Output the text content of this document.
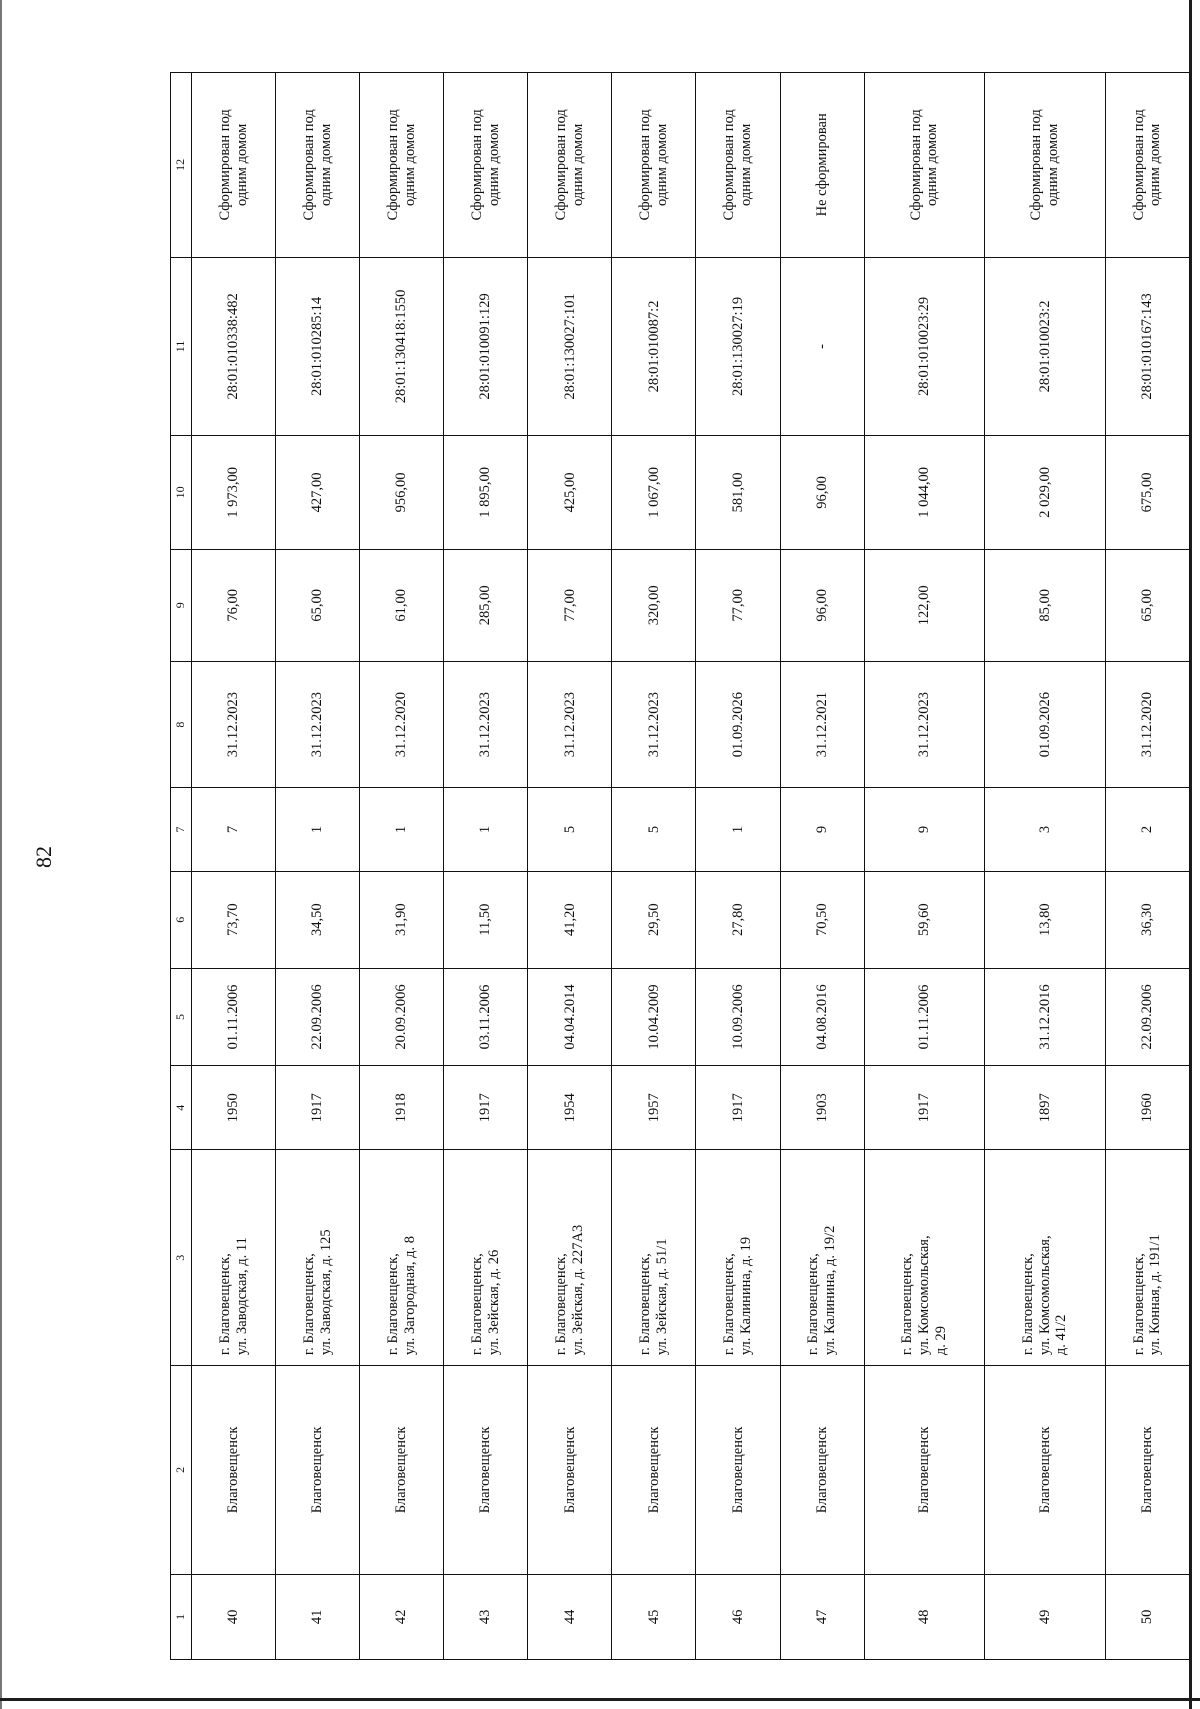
82
1	2	3	4	5	6	7	8	9	10	11	12
40	Благовещенск	г. Благовещенск,
ул. Заводская, д. 11	1950	01.11.2006	73,70	7	31.12.2023	76,00	1 973,00	28:01:010338:482	Сформирован под
одним домом
41	Благовещенск	г. Благовещенск,
ул. Заводская, д. 125	1917	22.09.2006	34,50	1	31.12.2023	65,00	427,00	28:01:010285:14	Сформирован под
одним домом
42	Благовещенск	г. Благовещенск,
ул. Загородная, д. 8	1918	20.09.2006	31,90	1	31.12.2020	61,00	956,00	28:01:130418:1550	Сформирован под
одним домом
43	Благовещенск	г. Благовещенск,
ул. Зейская, д. 26	1917	03.11.2006	11,50	1	31.12.2023	285,00	1 895,00	28:01:010091:129	Сформирован под
одним домом
44	Благовещенск	г. Благовещенск,
ул. Зейская, д. 227А3	1954	04.04.2014	41,20	5	31.12.2023	77,00	425,00	28:01:130027:101	Сформирован под
одним домом
45	Благовещенск	г. Благовещенск,
ул. Зейская, д. 51/1	1957	10.04.2009	29,50	5	31.12.2023	320,00	1 067,00	28:01:010087:2	Сформирован под
одним домом
46	Благовещенск	г. Благовещенск,
ул. Калинина, д. 19	1917	10.09.2006	27,80	1	01.09.2026	77,00	581,00	28:01:130027:19	Сформирован под
одним домом
47	Благовещенск	г. Благовещенск,
ул. Калинина, д. 19/2	1903	04.08.2016	70,50	9	31.12.2021	96,00	96,00	-	Не сформирован
48	Благовещенск	г. Благовещенск,
ул. Комсомольская,
д. 29	1917	01.11.2006	59,60	9	31.12.2023	122,00	1 044,00	28:01:010023:29	Сформирован под
одним домом
49	Благовещенск	г. Благовещенск,
ул. Комсомольская,
д. 41/2	1897	31.12.2016	13,80	3	01.09.2026	85,00	2 029,00	28:01:010023:2	Сформирован под
одним домом
50	Благовещенск	г. Благовещенск,
ул. Конная, д. 191/1	1960	22.09.2006	36,30	2	31.12.2020	65,00	675,00	28:01:010167:143	Сформирован под
одним домом
